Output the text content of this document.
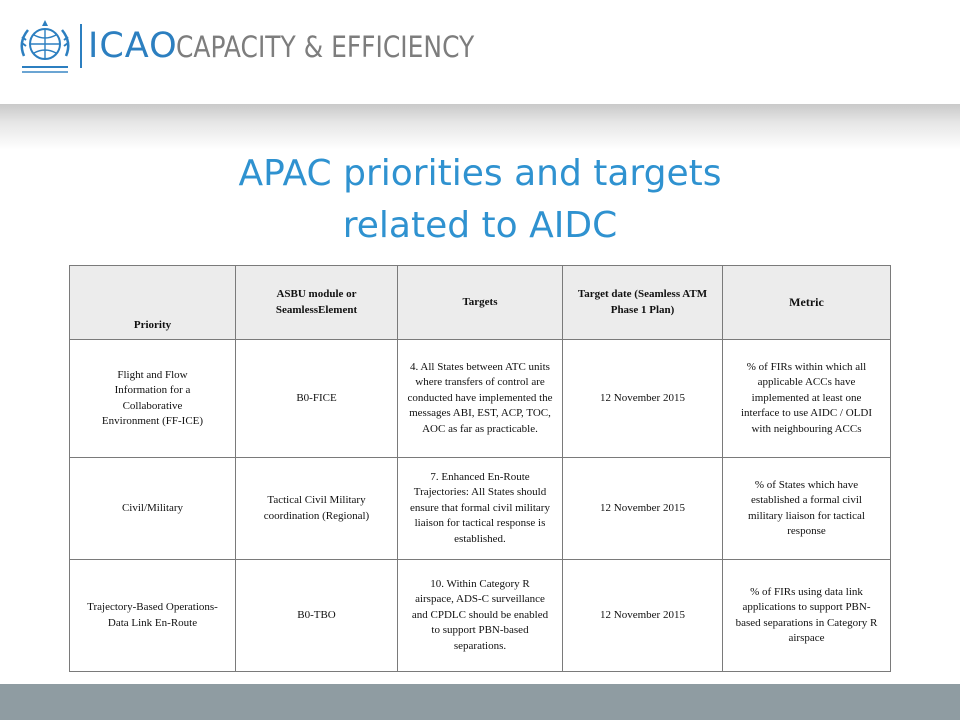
ICAO
CAPACITY & EFFICIENCY
APAC priorities and targets
related to AIDC
Priority	ASBU module or SeamlessElement	Targets	Target date (Seamless ATM Phase 1 Plan)	Metric

Flight and Flow Information for a Collaborative Environment (FF-ICE)	B0-FICE	4. All States between ATC units where transfers of control are conducted have implemented the messages ABI, EST, ACP, TOC, AOC as far as practicable.	12 November 2015	% of FIRs within which all applicable ACCs have implemented at least one interface to use AIDC / OLDI with neighbouring ACCs

Civil/Military	Tactical Civil Military coordination (Regional)	7. Enhanced En-Route Trajectories: All States should ensure that formal civil military liaison for tactical response is established.	12 November 2015	% of States which have established a formal civil military liaison for tactical response

Trajectory-Based Operations-Data Link En-Route	B0-TBO	10. Within Category R airspace, ADS-C surveillance and CPDLC should be enabled to support PBN-based separations.	12 November 2015	% of FIRs using data link applications to support PBN-based separations in Category R airspace
